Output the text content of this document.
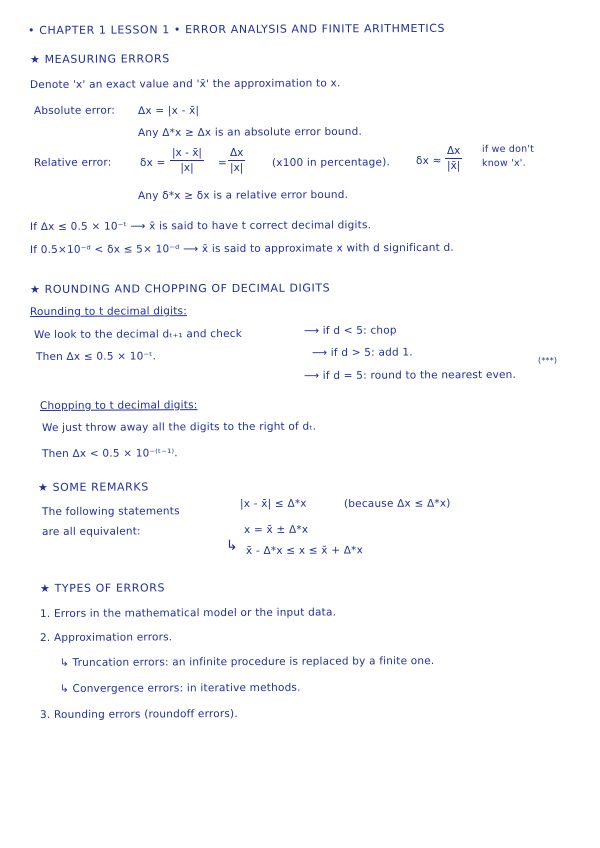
• CHAPTER 1 LESSON 1 • ERROR ANALYSIS AND FINITE ARITHMETICS
★ MEASURING ERRORS
Denote 'x' an exact value and 'x̄' the approximation to x.
Absolute error: Δx = |x - x̄|
Any Δ*x ≥ Δx is an absolute error bound.
Relative error:	$\delta x = \frac{|x - x̄|}{|x|} = \frac{\Delta x}{|x|}$	(x100 in percentage). $\delta x \approx \frac{\Delta x}{|x̄|}$ if we don't
know 'x'.
Any δ*x ≥ δx is a relative error bound.
If Δx ≤ 0.5 × 10⁻ᵗ ⟶ x̄ is said to have t correct decimal digits.
If 0.5×10⁻ᵈ < δx ≤ 5× 10⁻ᵈ ⟶ x̄ is said to approximate x with d significant d.
★ ROUNDING AND CHOPPING OF DECIMAL DIGITS
Rounding to t decimal digits:
We look to the decimal dₜ₊₁ and check	⟶ if d < 5: chop
⟶ if d > 5: add 1.
Then Δx ≤ 0.5 × 10⁻ᵗ.	(***)
⟶ if d = 5: round to the nearest even.
Chopping to t decimal digits:
We just throw away all the digits to the right of dₜ.
Then Δx < 0.5 × 10⁻⁽ᵗ⁻¹⁾.
★ SOME REMARKS
The following statements
are all equivalent:
|x - x̄| ≤ Δ*x	(because Δx ≤ Δ*x)
x = x̄ ± Δ*x
↳ x̄ - Δ*x ≤ x ≤ x̄ + Δ*x
★ TYPES OF ERRORS
1. Errors in the mathematical model or the input data.
2. Approximation errors.
↳ Truncation errors: an infinite procedure is replaced by a finite one.
↳ Convergence errors: in iterative methods.
3. Rounding errors (roundoff errors).
